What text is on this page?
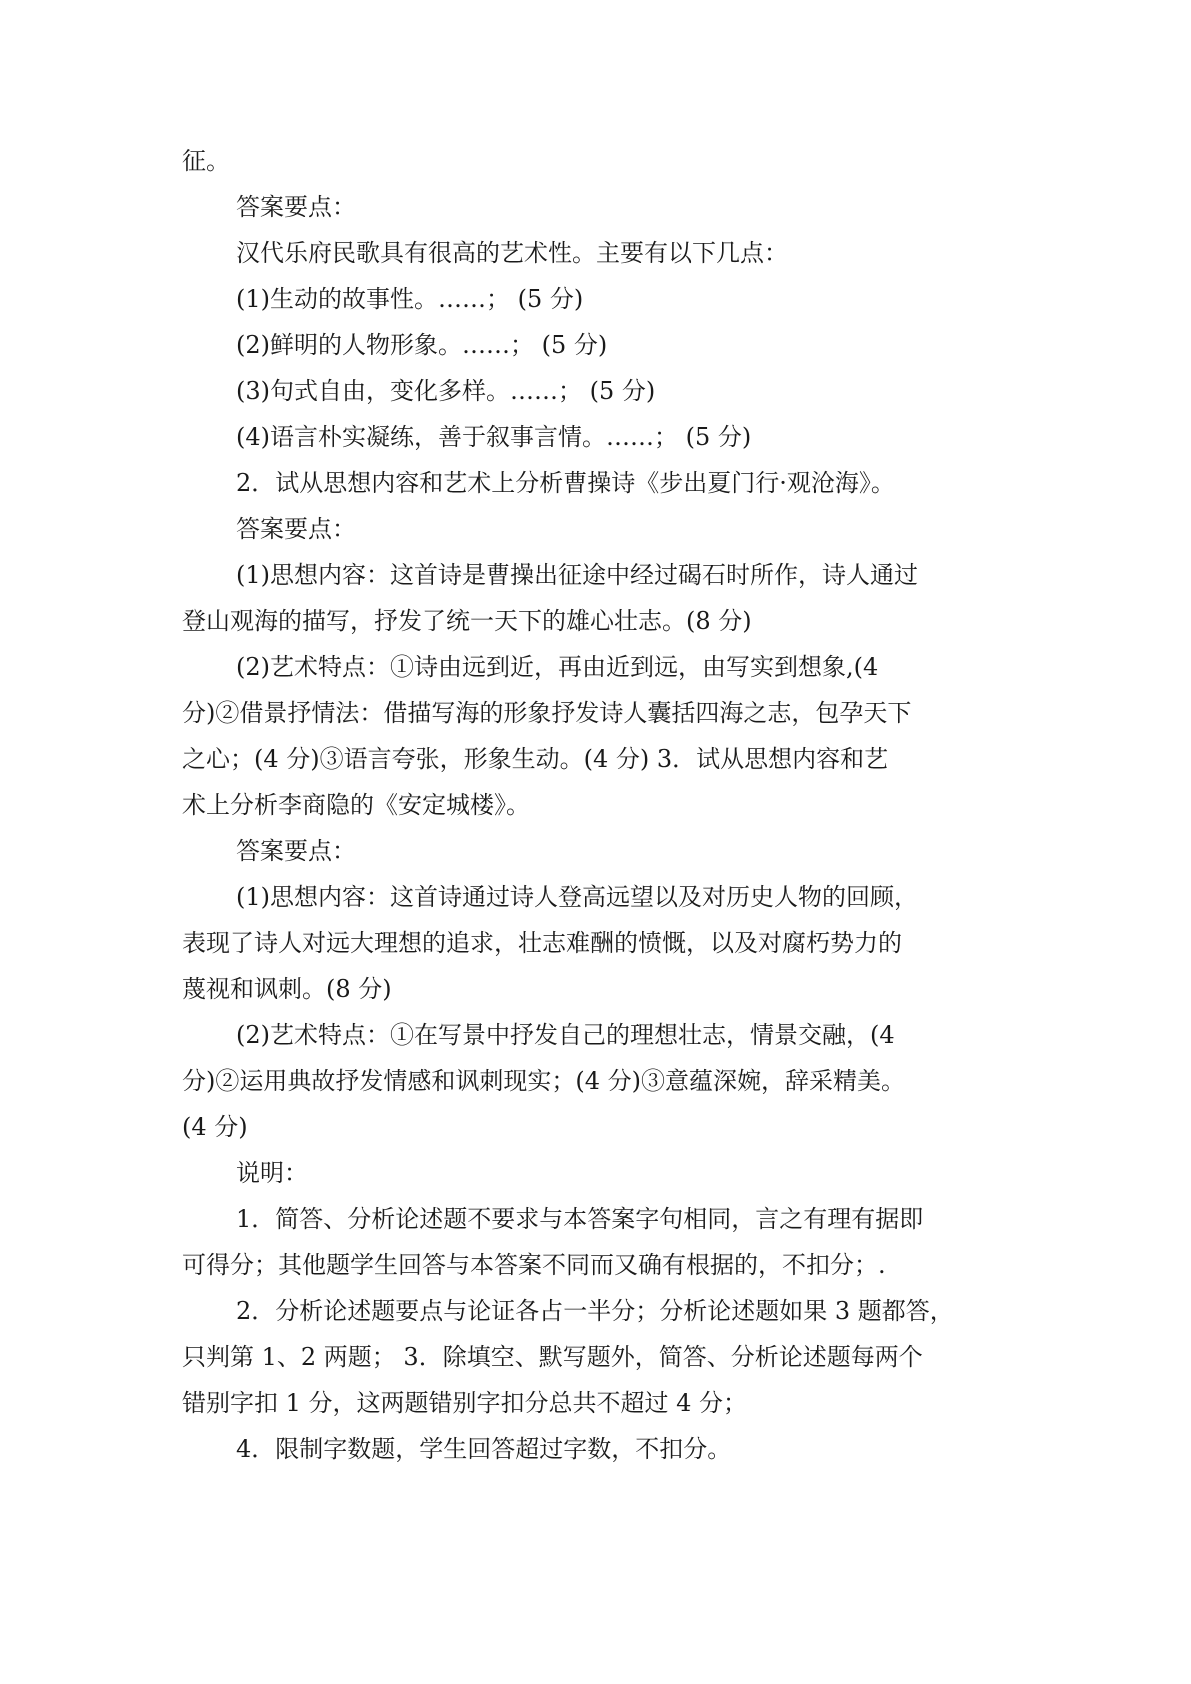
征。
答案要点：
汉代乐府民歌具有很高的艺术性。主要有以下几点：
(1)生动的故事性。……； (5 分)
(2)鲜明的人物形象。……； (5 分)
(3)句式自由，变化多样。……； (5 分)
(4)语言朴实凝练，善于叙事言情。……； (5 分)
2．试从思想内容和艺术上分析曹操诗《步出夏门行·观沧海》。
答案要点：
(1)思想内容：这首诗是曹操出征途中经过碣石时所作，诗人通过
登山观海的描写，抒发了统一天下的雄心壮志。(8 分)
(2)艺术特点：①诗由远到近，再由近到远，由写实到想象,(4
分)②借景抒情法：借描写海的形象抒发诗人囊括四海之志，包孕天下
之心；(4 分)③语言夸张，形象生动。(4 分) 3．试从思想内容和艺
术上分析李商隐的《安定城楼》。
答案要点：
(1)思想内容：这首诗通过诗人登高远望以及对历史人物的回顾，
表现了诗人对远大理想的追求，壮志难酬的愤慨，以及对腐朽势力的
蔑视和讽刺。(8 分)
(2)艺术特点：①在写景中抒发自己的理想壮志，情景交融，(4
分)②运用典故抒发情感和讽刺现实；(4 分)③意蕴深婉，辞采精美。
(4 分)
说明：
1．简答、分析论述题不要求与本答案字句相同，言之有理有据即
可得分；其他题学生回答与本答案不同而又确有根据的，不扣分；.
2．分析论述题要点与论证各占一半分；分析论述题如果 3 题都答，
只判第 1、2 两题； 3．除填空、默写题外，简答、分析论述题每两个
错别字扣 1 分，这两题错别字扣分总共不超过 4 分；
4．限制字数题，学生回答超过字数，不扣分。
